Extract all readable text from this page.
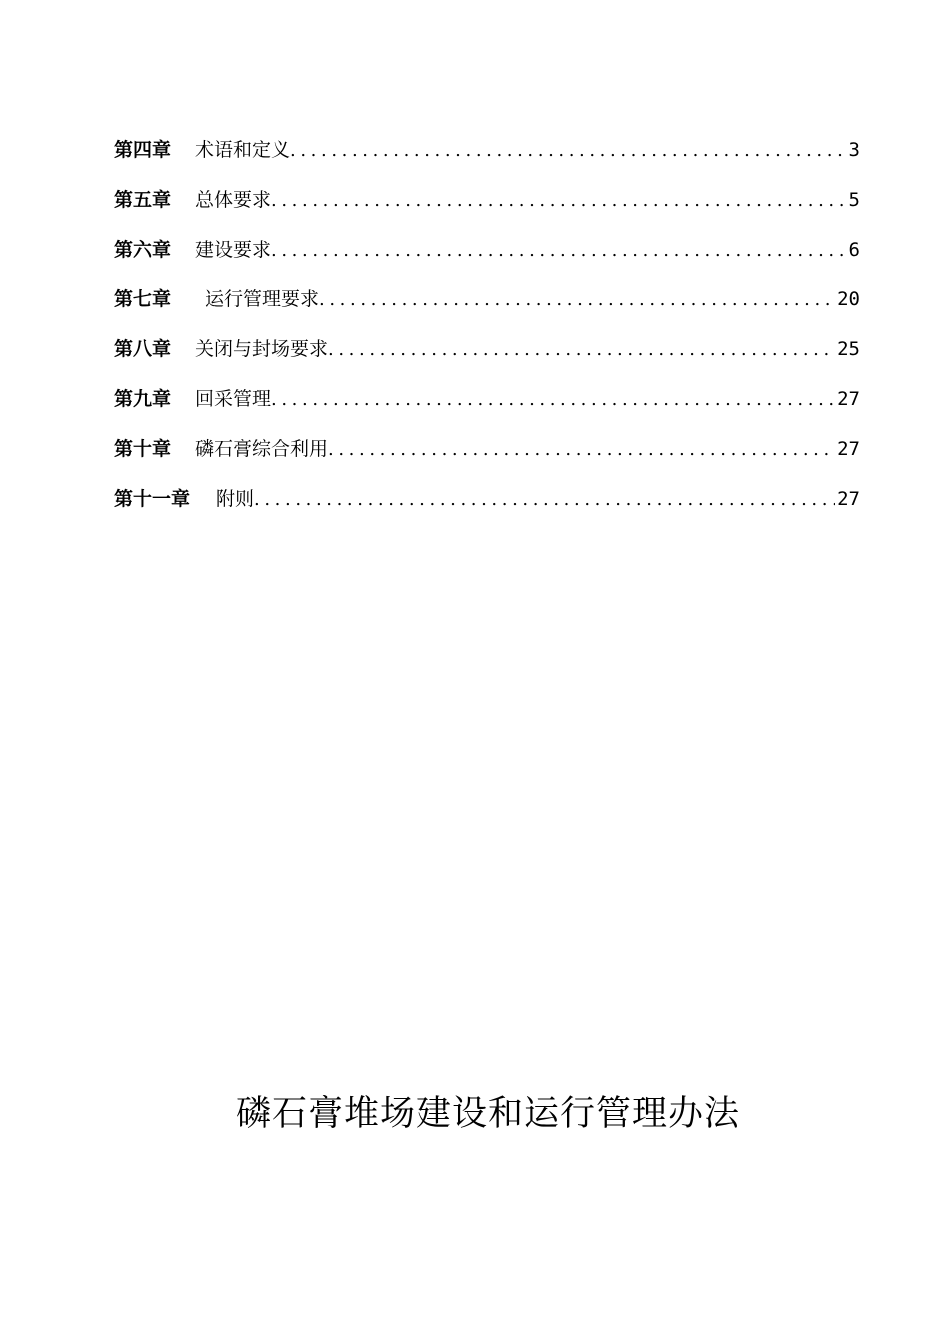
第四章 术语和定义 .....	3
第五章 总体要求 .....	5
第六章 建设要求 .....	6
第七章 运行管理要求 .....	20
第八章 关闭与封场要求 .....	25
第九章 回采管理 .....	27
第十章 磷石膏综合利用 .....	27
第十一章 附则 .....	27
磷石膏堆场建设和运行管理办法
